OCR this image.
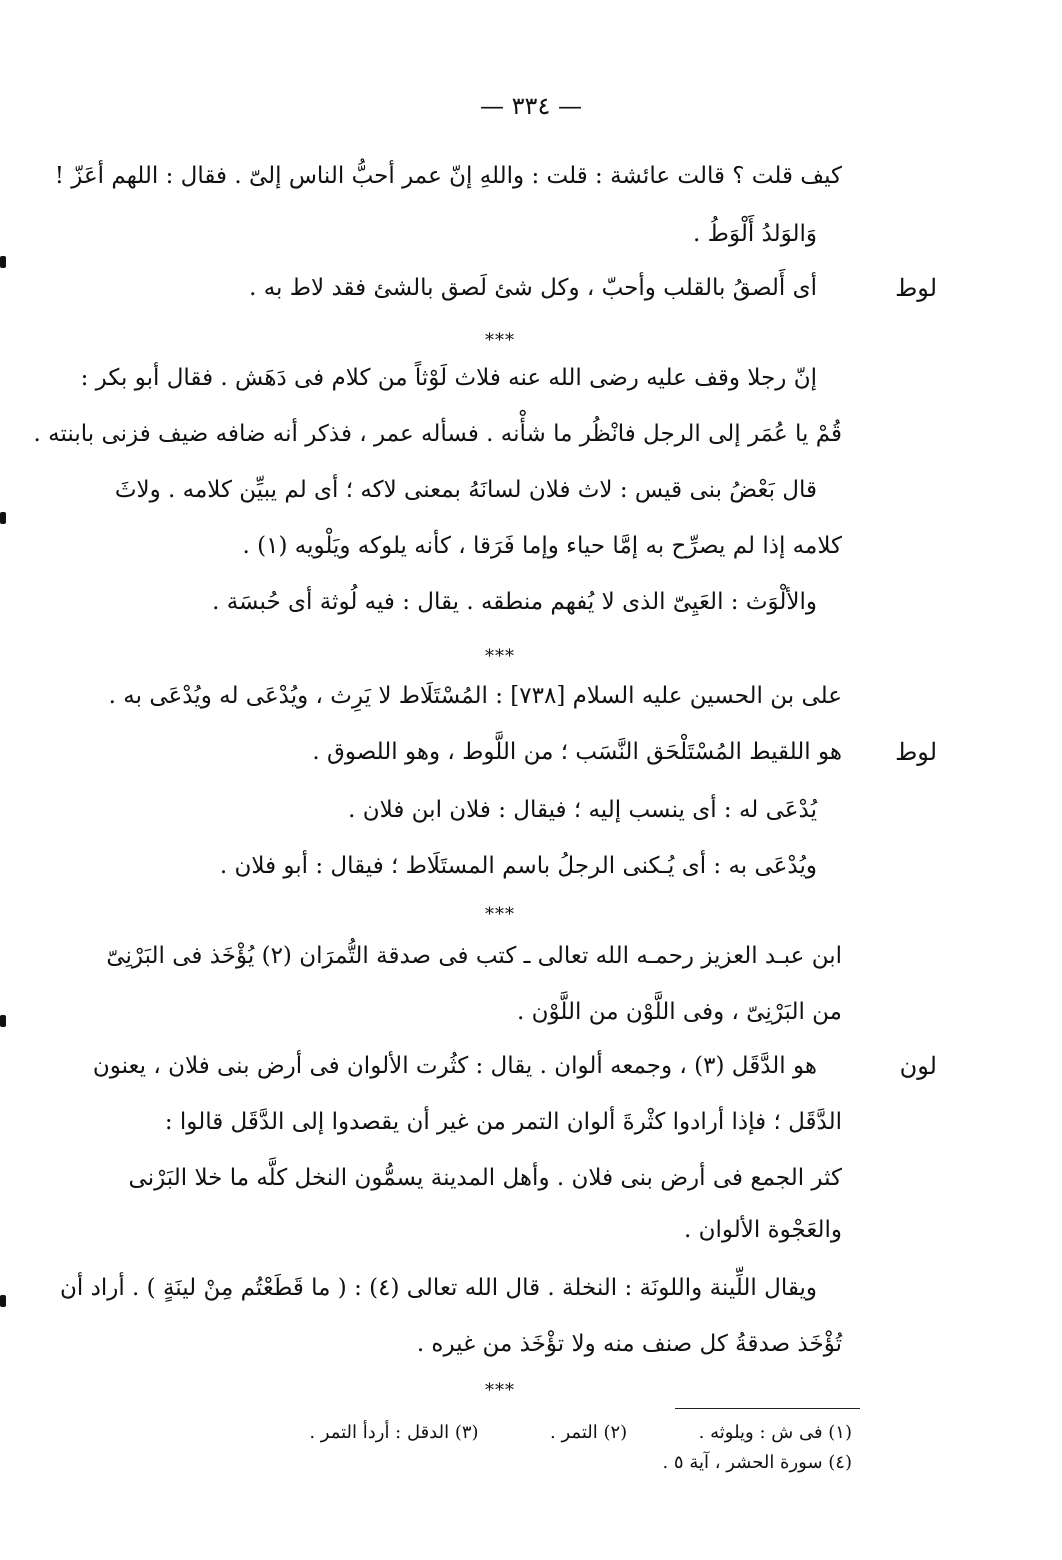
— ٣٣٤ —
كيف قلت ؟ قالت عائشة : قلت : واللهِ إنّ عمر أحبُّ الناس إلىّ . فقال : اللهم أعَزّ !
وَالوَلدُ أَلْوَطُ .
لوط
أى أَلصقُ بالقلب وأحبّ ، وكل شئ لَصق بالشئ فقد لاط به .
***
إنّ رجلا وقف عليه رضى الله عنه فلاث لَوْثاً من كلام فى دَهَش . فقال أبو بكر :
قُمْ يا عُمَر إلى الرجل فانْظُر ما شأْنه . فسأله عمر ، فذكر أنه ضافه ضيف فزنى بابنته .
قال بَعْضُ بنى قيس : لاث فلان لسانَهُ بمعنى لاكه ؛ أى لم يبيِّن كلامه . ولاثَ
كلامه إذا لم يصرِّح به إمَّا حياء وإما فَرَقا ، كأنه يلوكه ويَلْويه (١) .
والألْوَث : العَيِىّ الذى لا يُفهم منطقه . يقال : فيه لُوثة أى حُبسَة .
***
على بن الحسين عليه السلام [٧٣٨] : المُسْتَلَاط لا يَرِث ، ويُدْعَى له ويُدْعَى به .
لوط
هو اللقيط المُسْتَلْحَق النَّسَب ؛ من اللَّوط ، وهو اللصوق .
يُدْعَى له : أى ينسب إليه ؛ فيقال : فلان ابن فلان .
ويُدْعَى به : أى يُـكنى الرجلُ باسم المستَلَاط ؛ فيقال : أبو فلان .
***
ابن عبـد العزيز رحمـه الله تعالى ـ كتب فى صدقة التُّمرَان (٢) يُؤْخَذ فى البَرْنِىّ
من البَرْنِىّ ، وفى اللَّوْن من اللَّوْن .
لون
هو الدَّقَل (٣) ، وجمعه ألوان . يقال : كثُرت الألوان فى أرض بنى فلان ، يعنون
الدَّقَل ؛ فإذا أرادوا كثْرةَ ألوان التمر من غير أن يقصدوا إلى الدَّقَل قالوا :
كثر الجمع فى أرض بنى فلان . وأهل المدينة يسمُّون النخل كلَّه ما خلا البَرْنى
والعَجْوة الألوان .
ويقال اللِّينة واللونَة : النخلة . قال الله تعالى (٤) : ( ما قَطَعْتُم مِنْ لينَةٍ ) . أراد أن
تُؤْخَذ صدقةُ كل صنف منه ولا تؤْخَذ من غيره .
***
(١) فى ش : ويلوثه .  (٢) التمر .  (٣) الدقل : أردأ التمر .
(٤) سورة الحشر ، آية ٥ .
